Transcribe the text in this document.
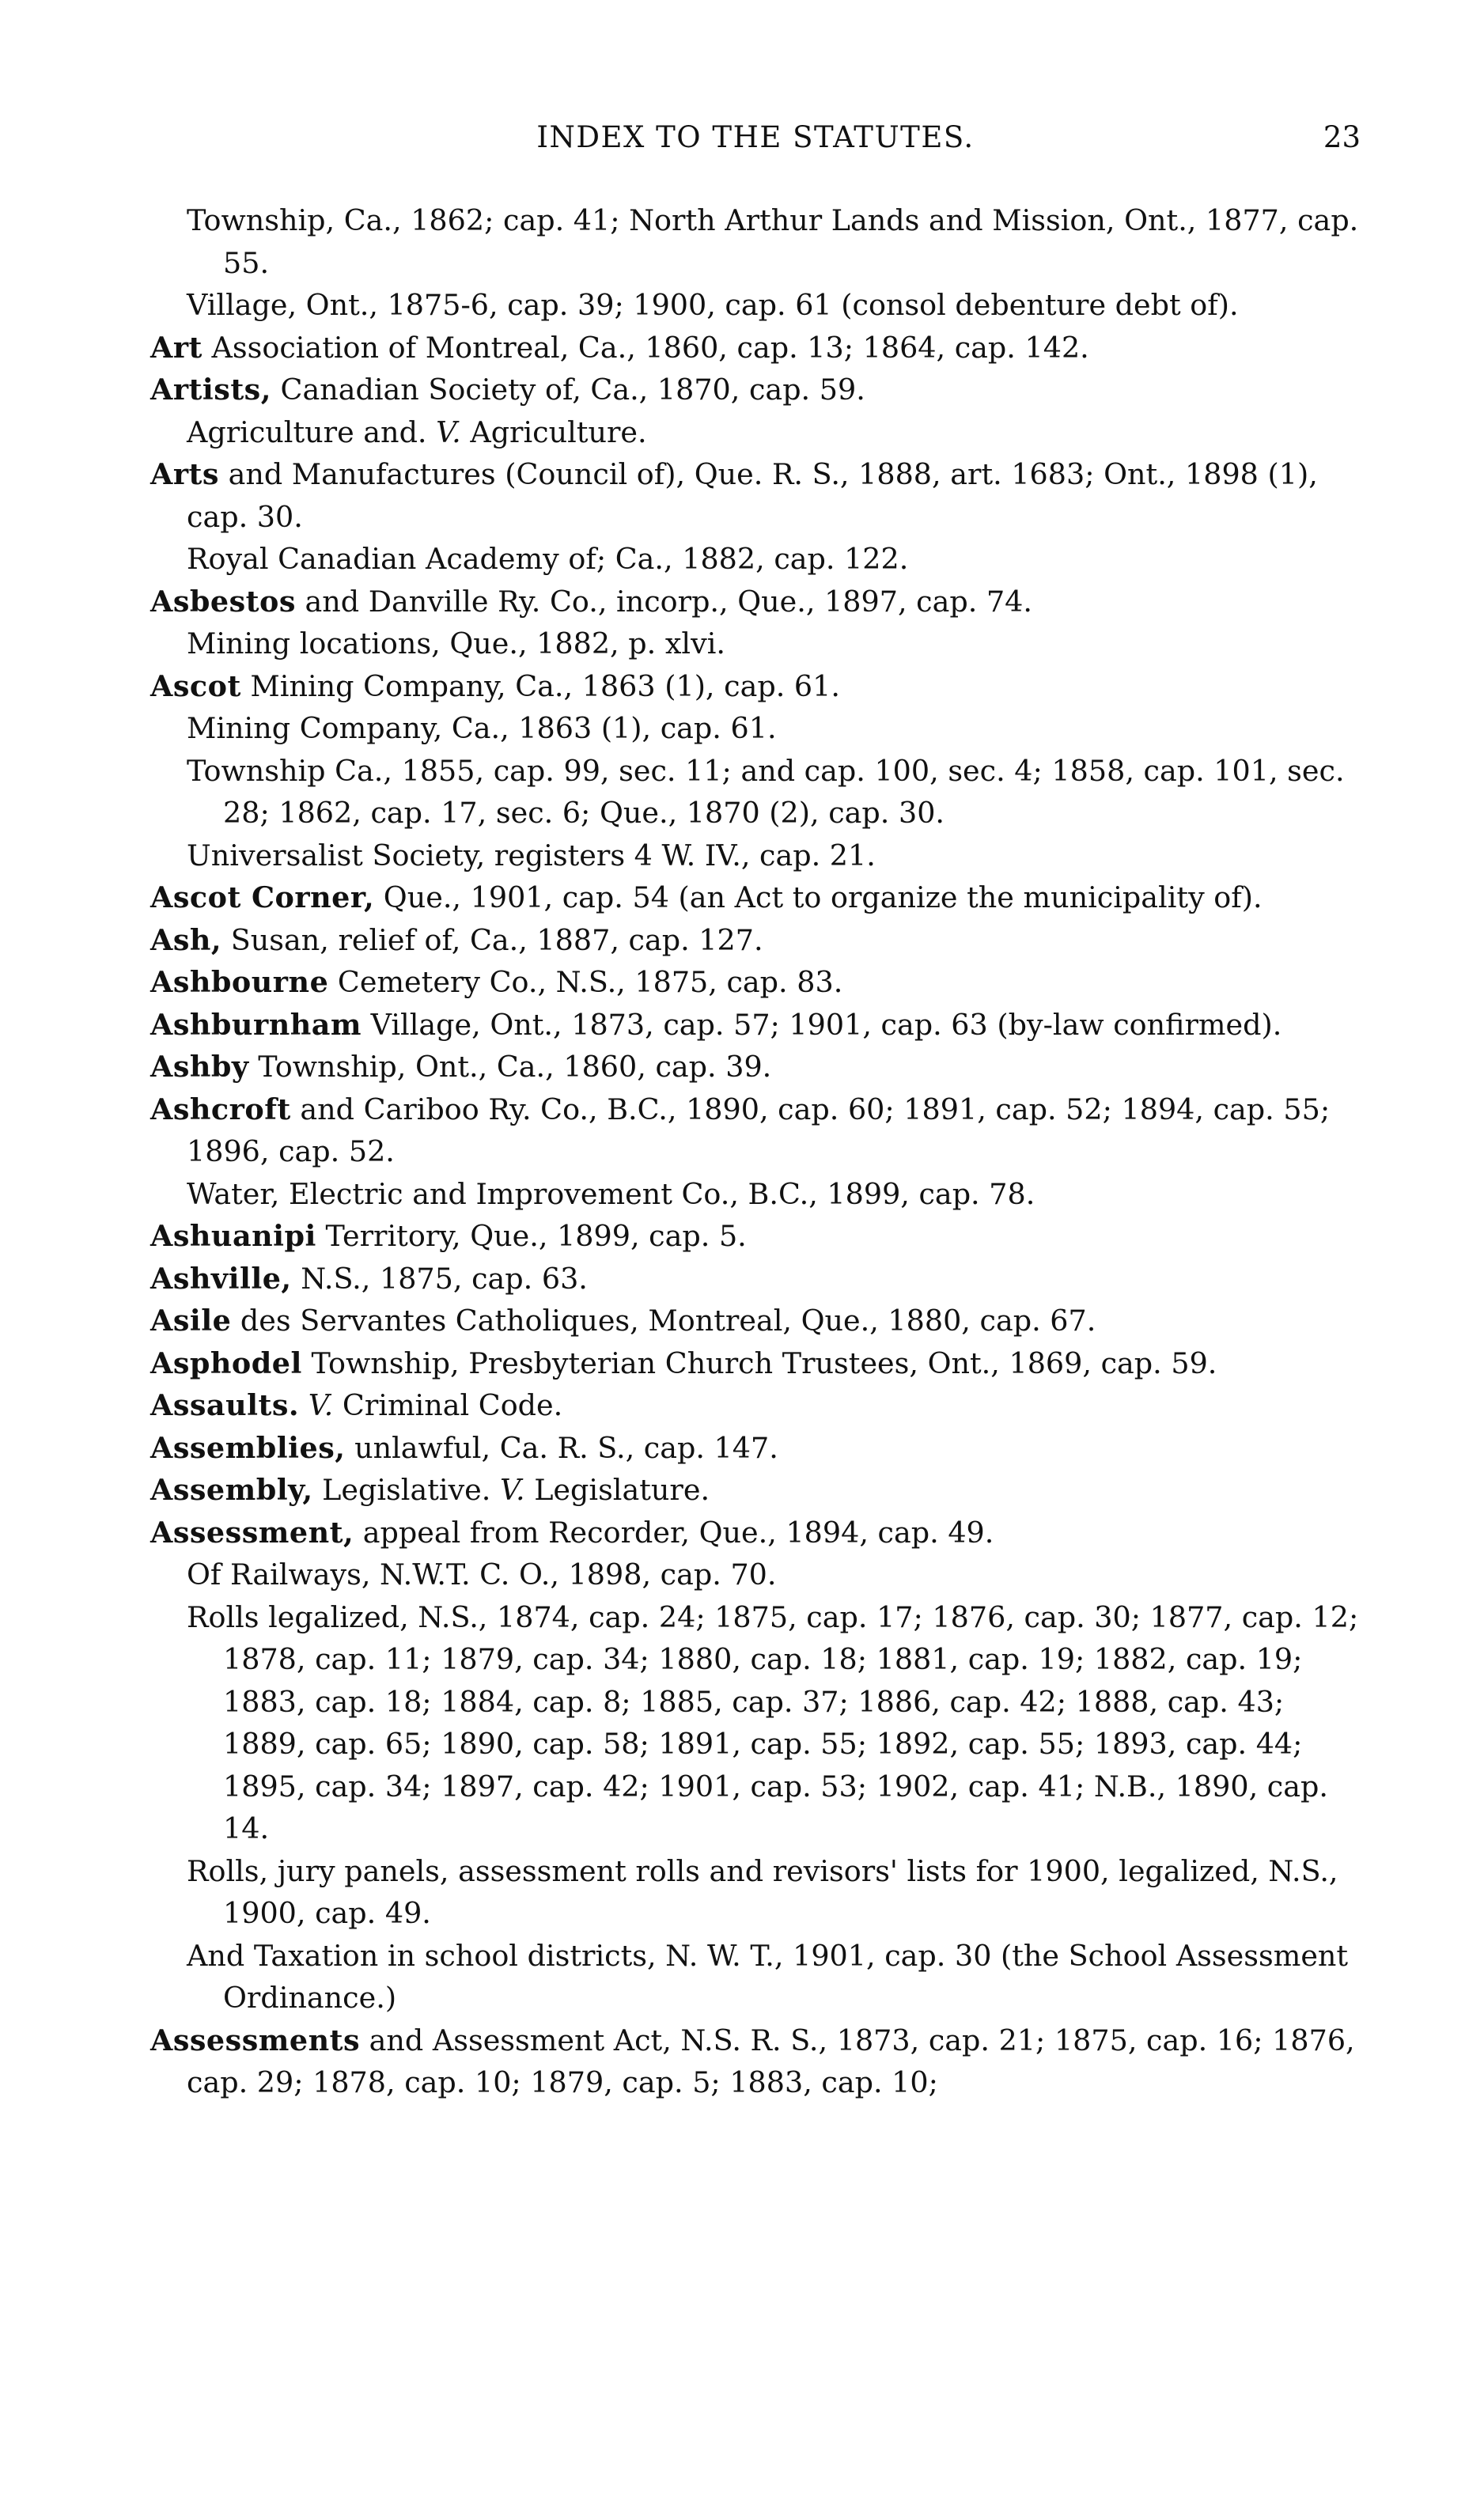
INDEX TO THE STATUTES.	23

Township, Ca., 1862; cap. 41; North Arthur Lands and Mission, Ont., 1877, cap. 55.

Village, Ont., 1875-6, cap. 39; 1900, cap. 61 (consol debenture debt of).

Art Association of Montreal, Ca., 1860, cap. 13; 1864, cap. 142.

Artists, Canadian Society of, Ca., 1870, cap. 59.

Agriculture and. V. Agriculture.

Arts and Manufactures (Council of), Que. R. S., 1888, art. 1683; Ont., 1898 (1), cap. 30.

Royal Canadian Academy of; Ca., 1882, cap. 122.

Asbestos and Danville Ry. Co., incorp., Que., 1897, cap. 74.

Mining locations, Que., 1882, p. xlvi.

Ascot Mining Company, Ca., 1863 (1), cap. 61.

Mining Company, Ca., 1863 (1), cap. 61.

Township Ca., 1855, cap. 99, sec. 11; and cap. 100, sec. 4; 1858, cap. 101, sec. 28; 1862, cap. 17, sec. 6; Que., 1870 (2), cap. 30.

Universalist Society, registers 4 W. IV., cap. 21.

Ascot Corner, Que., 1901, cap. 54 (an Act to organize the municipality of).

Ash, Susan, relief of, Ca., 1887, cap. 127.

Ashbourne Cemetery Co., N.S., 1875, cap. 83.

Ashburnham Village, Ont., 1873, cap. 57; 1901, cap. 63 (by-law confirmed).

Ashby Township, Ont., Ca., 1860, cap. 39.

Ashcroft and Cariboo Ry. Co., B.C., 1890, cap. 60; 1891, cap. 52; 1894, cap. 55; 1896, cap. 52.

Water, Electric and Improvement Co., B.C., 1899, cap. 78.

Ashuanipi Territory, Que., 1899, cap. 5.

Ashville, N.S., 1875, cap. 63.

Asile des Servantes Catholiques, Montreal, Que., 1880, cap. 67.

Asphodel Township, Presbyterian Church Trustees, Ont., 1869, cap. 59.

Assaults. V. Criminal Code.

Assemblies, unlawful, Ca. R. S., cap. 147.

Assembly, Legislative. V. Legislature.

Assessment, appeal from Recorder, Que., 1894, cap. 49.

Of Railways, N.W.T. C. O., 1898, cap. 70.

Rolls legalized, N.S., 1874, cap. 24; 1875, cap. 17; 1876, cap. 30; 1877, cap. 12; 1878, cap. 11; 1879, cap. 34; 1880, cap. 18; 1881, cap. 19; 1882, cap. 19; 1883, cap. 18; 1884, cap. 8; 1885, cap. 37; 1886, cap. 42; 1888, cap. 43; 1889, cap. 65; 1890, cap. 58; 1891, cap. 55; 1892, cap. 55; 1893, cap. 44; 1895, cap. 34; 1897, cap. 42; 1901, cap. 53; 1902, cap. 41; N.B., 1890, cap. 14.

Rolls, jury panels, assessment rolls and revisors' lists for 1900, legalized, N.S., 1900, cap. 49.

And Taxation in school districts, N. W. T., 1901, cap. 30 (the School Assessment Ordinance.)

Assessments and Assessment Act, N.S. R. S., 1873, cap. 21; 1875, cap. 16; 1876, cap. 29; 1878, cap. 10; 1879, cap. 5; 1883, cap. 10;
